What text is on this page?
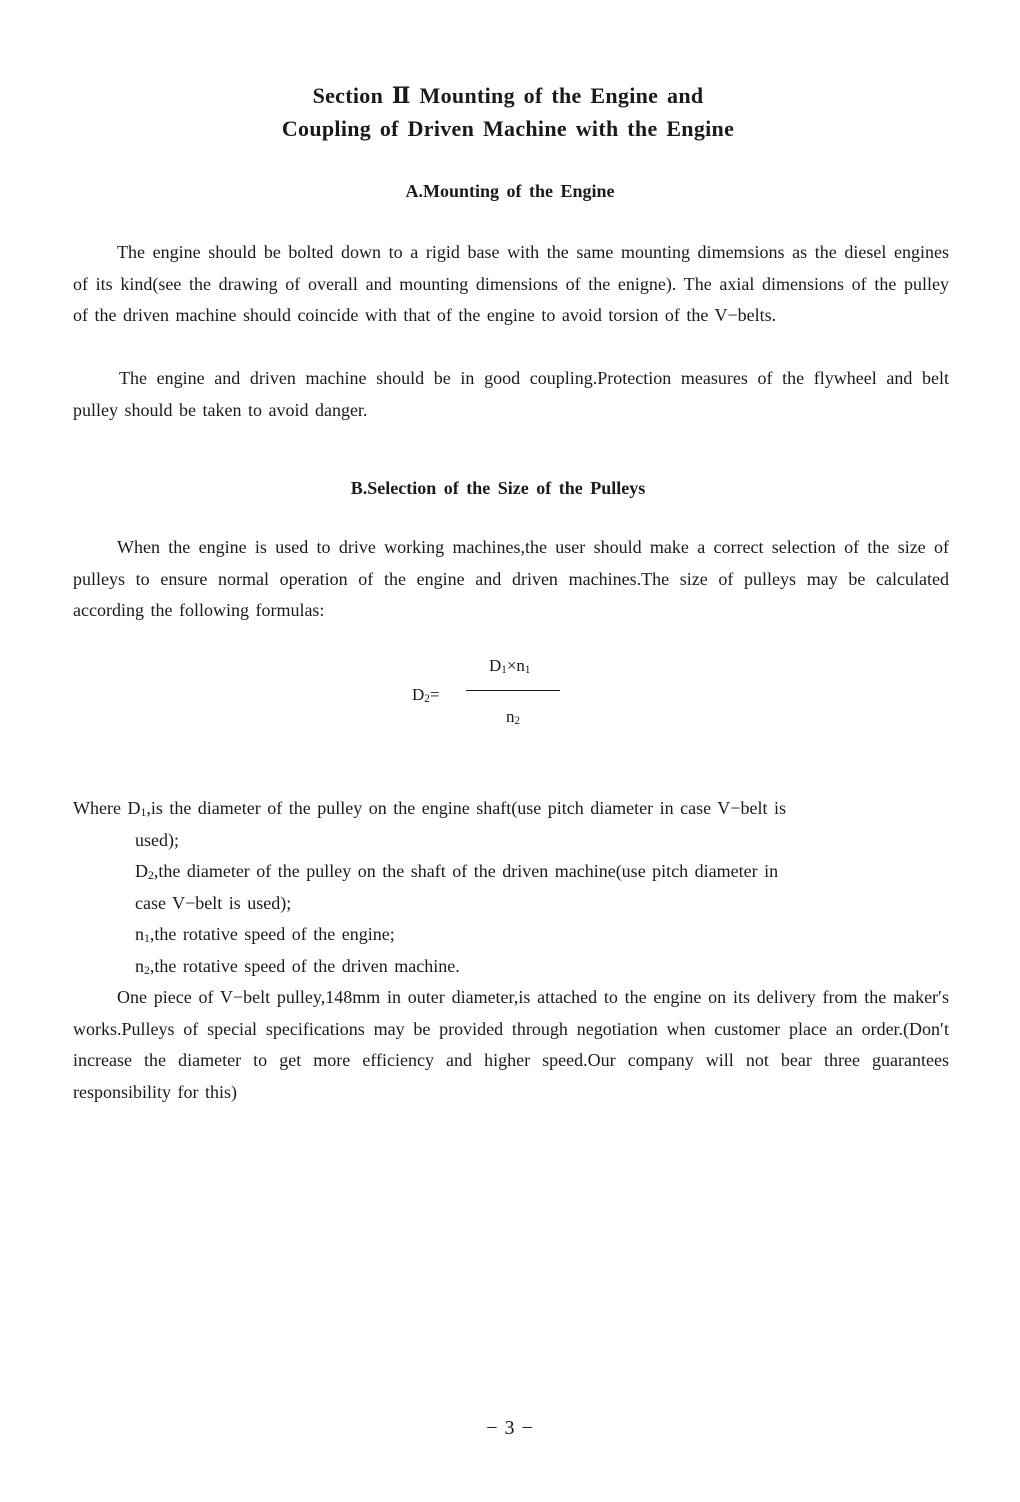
Section Ⅱ Mounting of the Engine and
Coupling of Driven Machine with the Engine
A.Mounting of the Engine

The engine should be bolted down to a rigid base with the same mounting dimemsions as the diesel engines of its kind(see the drawing of overall and mounting dimensions of the enigne). The axial dimensions of the pulley of the driven machine should coincide with that of the engine to avoid torsion of the V−belts.

The engine and driven machine should be in good coupling.Protection measures of the flywheel and belt pulley should be taken to avoid danger.

B.Selection of the Size of the Pulleys

When the engine is used to drive working machines,the user should make a correct selection of the size of pulleys to ensure normal operation of the engine and driven machines.The size of pulleys may be calculated according the following formulas:

$D_1\times n_1$
$D_2=$
$n_2$
Where $D_1,is$ the diameter of the pulley on the engine shaft(use pitch diameter in case V−belt is
used);
$D_2,the$ diameter of the pulley on the shaft of the driven machine(use pitch diameter in
case V−belt is used);
$n_1,the$ rotative speed of the engine;
$n_2,the$ rotative speed of the driven machine.

One piece of V−belt pulley,148mm in outer diameter,is attached to the engine on its delivery from the maker′s works.Pulleys of special specifications may be provided through negotiation when customer place an order.(Don′t increase the diameter to get more efficiency and higher speed.Our company will not bear three guarantees responsibility for this)

− 3 −
